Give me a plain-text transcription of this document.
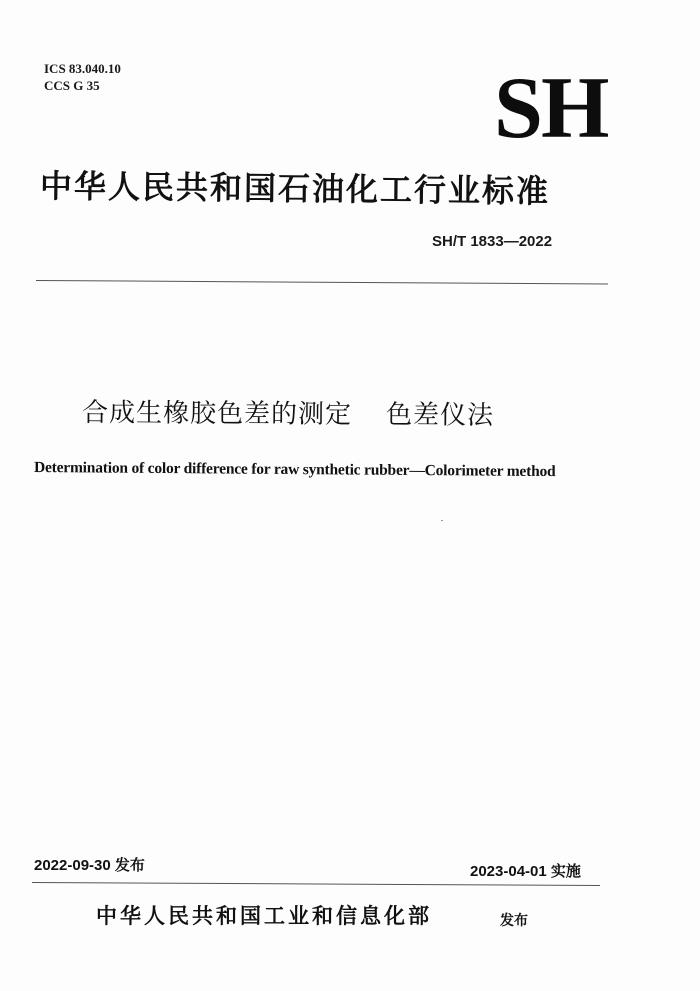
ICS 83.040.10
CCS G 35	SH
中华人民共和国石油化工行业标准
SH/T 1833—2022
合成生橡胶色差的测定 色差仪法
Determination of color difference for raw synthetic rubber—Colorimeter method
2022-09-30 发布	2023-04-01 实施
中华人民共和国工业和信息化部	发布
